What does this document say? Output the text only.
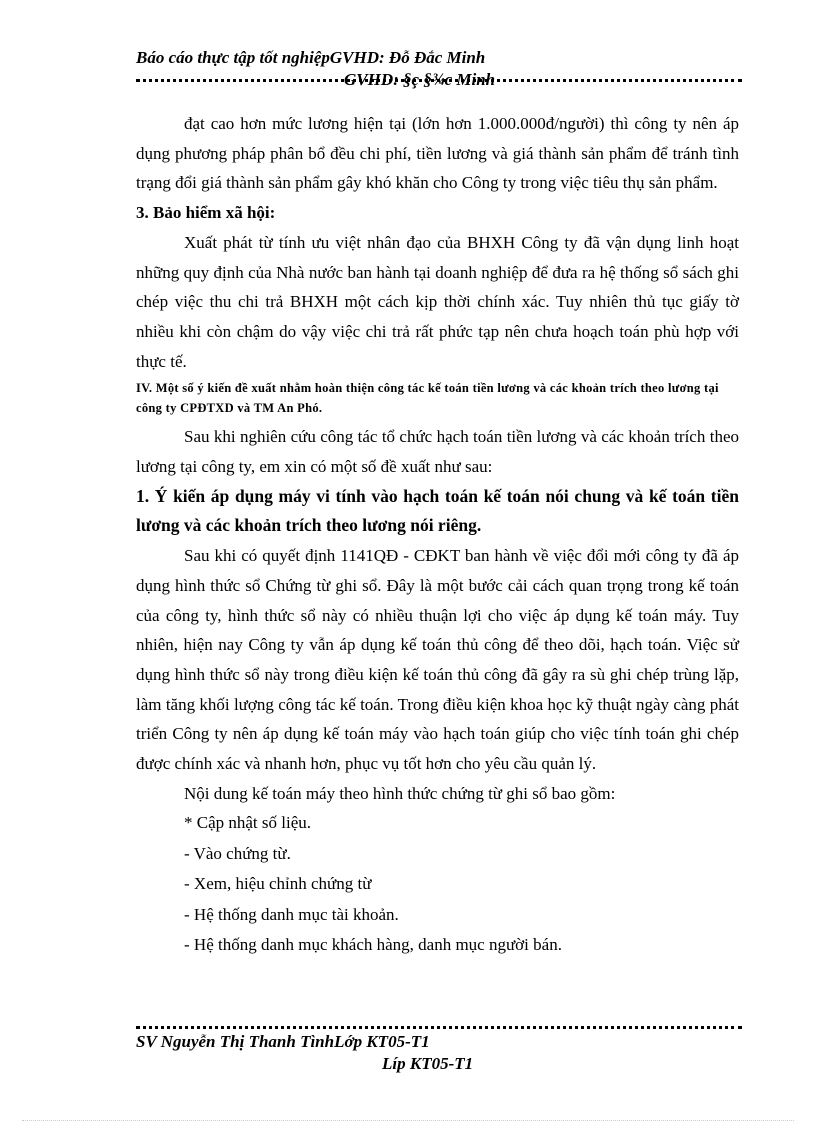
Báo cáo thực tập tốt nghiệpGVHD: Đỗ Đắc Minh
GVHD: §ç §¾c Minh

đạt cao hơn mức lương hiện tại (lớn hơn 1.000.000đ/người) thì công ty nên áp dụng phương pháp phân bổ đều chi phí, tiền lương và giá thành sản phẩm để tránh tình trạng đổi giá thành sản phẩm gây khó khăn cho Công ty trong việc tiêu thụ sản phẩm.

3. Bảo hiểm xã hội:

Xuất phát từ tính ưu việt nhân đạo của BHXH Công ty đã vận dụng linh hoạt những quy định của Nhà nước ban hành tại doanh nghiệp để đưa ra hệ thống sổ sách ghi chép việc thu chi trả BHXH một cách kịp thời chính xác. Tuy nhiên thủ tục giấy tờ nhiều khi còn chậm do vậy việc chi trả rất phức tạp nên chưa hoạch toán phù hợp với thực tế.

IV. Một số ý kiến đề xuất nhằm hoàn thiện công tác kế toán tiền lương và các khoản trích theo lương tại công ty CPĐTXD và TM An Phó.

Sau khi nghiên cứu công tác tổ chức hạch toán tiền lương và các khoản trích theo lương tại công ty, em xin có một số đề xuất như sau:

1. Ý kiến áp dụng máy vi tính vào hạch toán kế toán nói chung và kế toán tiền lương và các khoản trích theo lương nói riêng.

Sau khi có quyết định 1141QĐ - CĐKT ban hành về việc đổi mới công ty đã áp dụng hình thức sổ Chứng từ ghi sổ. Đây là một bước cải cách quan trọng trong kế toán của công ty, hình thức sổ này có nhiều thuận lợi cho việc áp dụng kế toán máy. Tuy nhiên, hiện nay Công ty vẫn áp dụng kế toán thủ công để theo dõi, hạch toán. Việc sử dụng hình thức sổ này trong điều kiện kế toán thủ công đã gây ra sù ghi chép trùng lặp, làm tăng khối lượng công tác kế toán. Trong điều kiện khoa học kỹ thuật ngày càng phát triển Công ty nên áp dụng kế toán máy vào hạch toán giúp cho việc tính toán ghi chép được chính xác và nhanh hơn, phục vụ tốt hơn cho yêu cầu quản lý.

Nội dung kế toán máy theo hình thức chứng từ ghi sổ bao gồm:

* Cập nhật số liệu.

- Vào chứng từ.

- Xem, hiệu chỉnh chứng từ

- Hệ thống danh mục tài khoản.

- Hệ thống danh mục khách hàng, danh mục người bán.

SV Nguyễn Thị Thanh TìnhLớp KT05-T1
Líp KT05-T1
